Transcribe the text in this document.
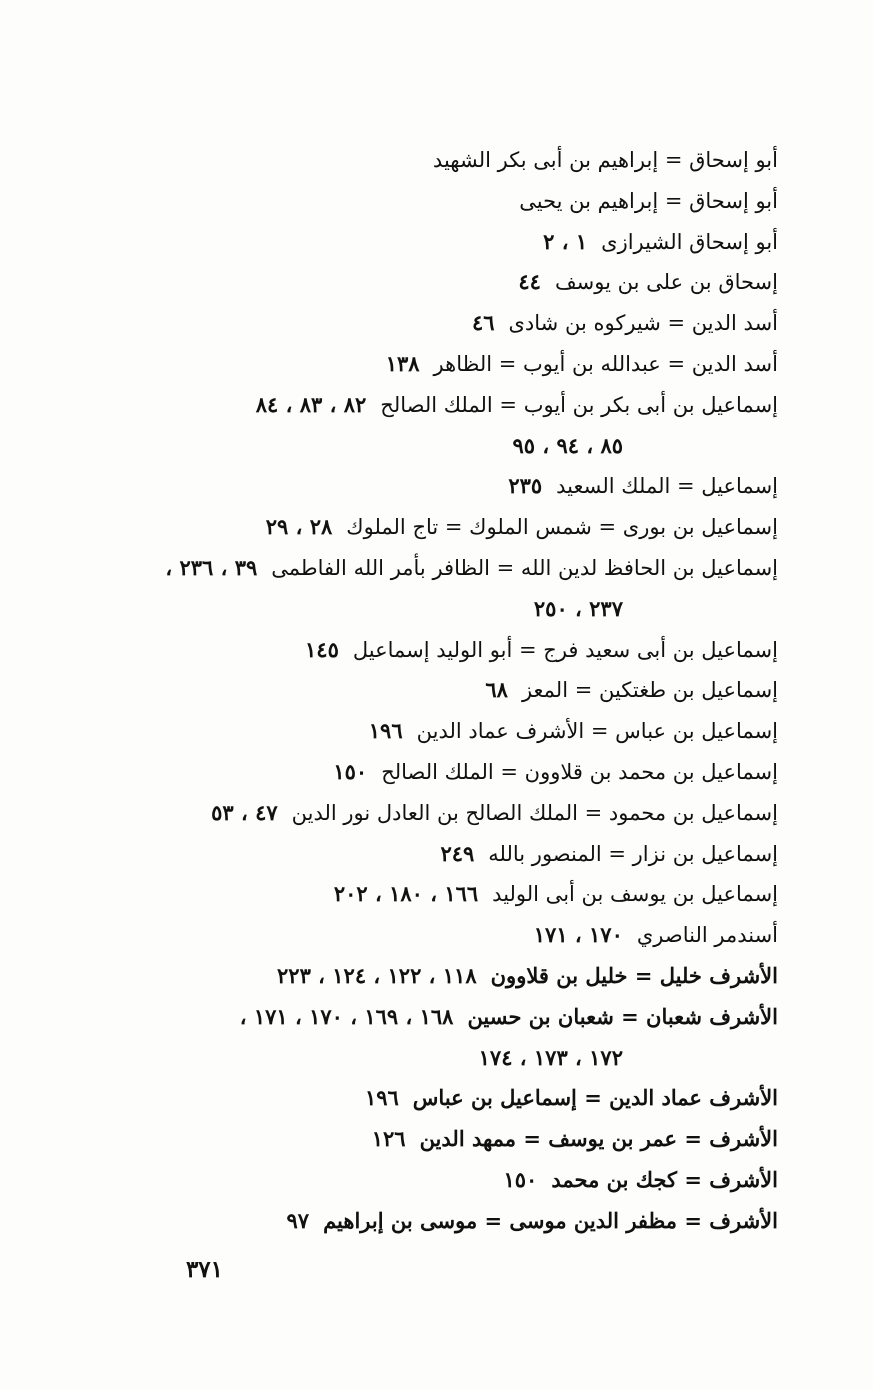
أبو إسحاق = إبراهيم بن أبى بكر الشهيد
أبو إسحاق = إبراهيم بن يحيى
أبو إسحاق الشيرازى١ ، ٢
إسحاق بن على بن يوسف٤٤
أسد الدين = شيركوه بن شادى٤٦
أسد الدين = عبدالله بن أيوب = الظاهر١٣٨
إسماعيل بن أبى بكر بن أيوب = الملك الصالح٨٢ ، ٨٣ ، ٨٤
٨٥ ، ٩٤ ، ٩٥
إسماعيل = الملك السعيد٢٣٥
إسماعيل بن بورى = شمس الملوك = تاج الملوك٢٨ ، ٢٩
إسماعيل بن الحافظ لدين الله = الظافر بأمر الله الفاطمى٣٩ ، ٢٣٦ ،
٢٣٧ ، ٢٥٠
إسماعيل بن أبى سعيد فرج = أبو الوليد إسماعيل١٤٥
إسماعيل بن طغتكين = المعز٦٨
إسماعيل بن عباس = الأشرف عماد الدين١٩٦
إسماعيل بن محمد بن قلاوون = الملك الصالح١٥٠
إسماعيل بن محمود = الملك الصالح بن العادل نور الدين٤٧ ، ٥٣
إسماعيل بن نزار = المنصور بالله٢٤٩
إسماعيل بن يوسف بن أبى الوليد١٦٦ ، ١٨٠ ، ٢٠٢
أسندمر الناصري١٧٠ ، ١٧١
الأشرف خليل = خليل بن قلاوون١١٨ ، ١٢٢ ، ١٢٤ ، ٢٢٣
الأشرف شعبان = شعبان بن حسين١٦٨ ، ١٦٩ ، ١٧٠ ، ١٧١ ،
١٧٢ ، ١٧٣ ، ١٧٤
الأشرف عماد الدين = إسماعيل بن عباس١٩٦
الأشرف = عمر بن يوسف = ممهد الدين١٢٦
الأشرف = كجك بن محمد١٥٠
الأشرف = مظفر الدين موسى = موسى بن إبراهيم٩٧
٣٧١
